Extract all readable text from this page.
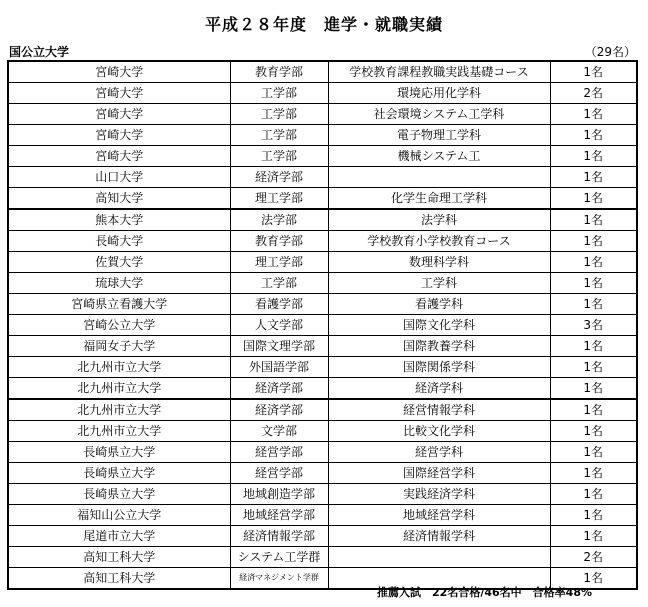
平成２８年度　進学・就職実績
国公立大学	（29名）
宮崎大学	教育学部	学校教育課程教職実践基礎コース	1名
宮崎大学	工学部	環境応用化学科	2名
宮崎大学	工学部	社会環境システム工学科	1名
宮崎大学	工学部	電子物理工学科	1名
宮崎大学	工学部	機械システム工	1名
山口大学	経済学部		1名
高知大学	理工学部	化学生命理工学科	1名
熊本大学	法学部	法学科	1名
長崎大学	教育学部	学校教育小学校教育コース	1名
佐賀大学	理工学部	数理科学科	1名
琉球大学	工学部	工学科	1名
宮崎県立看護大学	看護学部	看護学科	1名
宮崎公立大学	人文学部	国際文化学科	3名
福岡女子大学	国際文理学部	国際教養学科	1名
北九州市立大学	外国語学部	国際関係学科	1名
北九州市立大学	経済学部	経済学科	1名
北九州市立大学	経済学部	経営情報学科	1名
北九州市立大学	文学部	比較文化学科	1名
長崎県立大学	経営学部	経営学科	1名
長崎県立大学	経営学部	国際経営学科	1名
長崎県立大学	地域創造学部	実践経済学科	1名
福知山公立大学	地域経営学部	地域経営学科	1名
尾道市立大学	経済情報学部	経済情報学科	1名
高知工科大学	システム工学群		2名
高知工科大学	経済マネジメント学群		1名
推薦入試　22名合格/46名中　合格率48%
